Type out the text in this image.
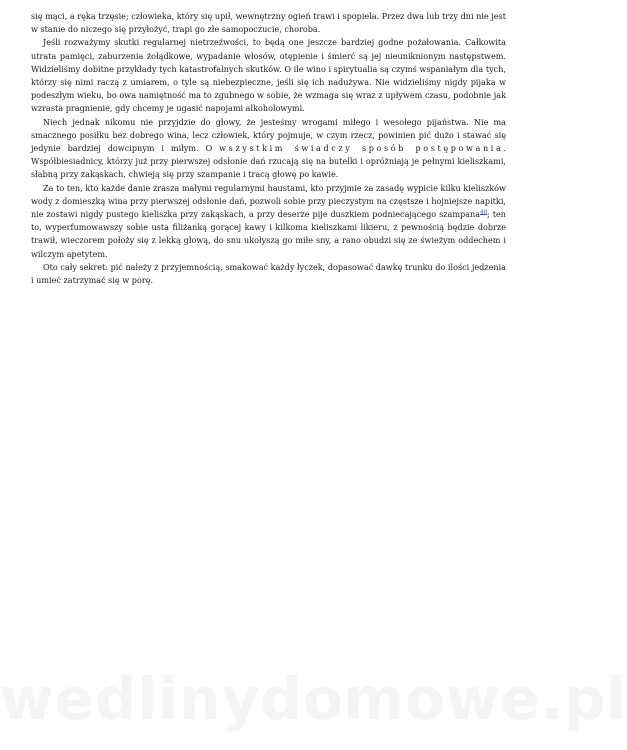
się mąci, a ręka trzęsie; człowieka, który się upił, wewnętrzny ogień trawi i spopiela. Przez dwa lub trzy dni nie jest w stanie do niczego się przyłożyć, trapi go złe samopoczucie, choroba.

Jeśli rozważymy skutki regularnej nietrzeźwości, to będą one jeszcze bardziej godne pożałowania. Całkowita utrata pamięci, zaburzenia żołądkowe, wypadanie włosów, otępienie i śmierć są jej nieuniknionym następstwem. Widzieliśmy dobitne przykłady tych katastrofalnych skutków. O ile wino i spirytualia są czymś wspaniałym dla tych, którzy się nimi raczą z umiarem, o tyle są niebezpieczne, jeśli się ich nadużywa. Nie widzieliśmy nigdy pijaka w podeszłym wieku, bo owa namiętność ma to zgubnego w sobie, że wzmaga się wraz z upływem czasu, podobnie jak wzrasta pragnienie, gdy chcemy je ugasić napojami alkoholowymi.

Niech jednak nikomu nie przyjdzie do głowy, że jesteśmy wrogami miłego i wesołego pijaństwa. Nie ma smacznego posiłku bez dobrego wina, lecz człowiek, który pojmuje, w czym rzecz, powinien pić dużo i stawać się jedynie bardziej dowcipnym i miłym. O wszystkim świadczy sposób postępowania. Współbiesiadnicy, którzy już przy pierwszej odsłonie dań rzucają się na butelki i opróżniają je pełnymi kieliszkami, słabną przy zakąskach, chwieją się przy szampanie i tracą głowę po kawie.

Za to ten, kto każde danie zrasza małymi regularnymi haustami, kto przyjmie za zasadę wypicie kilku kieliszków wody z domieszką wina przy pierwszej odsłonie dań, pozwoli sobie przy pieczystym na częstsze i hojniejsze napitki, nie zostawi nigdy pustego kieliszka przy zakąskach, a przy deserze pije duszkiem podniecającego szampana$^{40}$; ten to, wyperfumowawszy sobie usta filiżanką gorącej kawy i kilkoma kieliszkami likieru, z pewnością będzie dobrze trawił, wieczorem położy się z lekką głową, do snu ukołyszą go miłe sny, a rano obudzi się ze świeżym oddechem i wilczym apetytem.

Oto cały sekret: pić należy z przyjemnością, smakować każdy łyczek, dopasować dawkę trunku do ilości jedzenia i umieć zatrzymać się w porę.

wedlinydomowe.pl
